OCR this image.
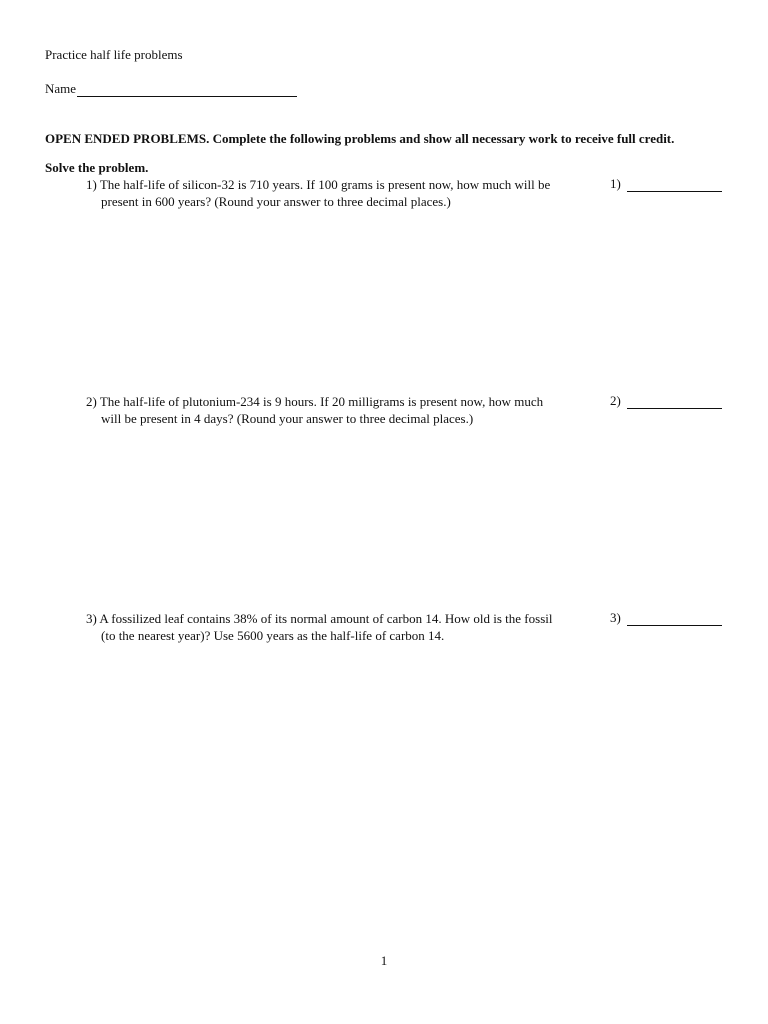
Practice half life problems
Name
OPEN ENDED PROBLEMS. Complete the following problems and show all necessary work to receive full credit.
Solve the problem.
1) The half-life of silicon-32 is 710 years. If 100 grams is present now, how much will be
present in 600 years? (Round your answer to three decimal places.)
1)
2) The half-life of plutonium-234 is 9 hours. If 20 milligrams is present now, how much
will be present in 4 days? (Round your answer to three decimal places.)
2)
3) A fossilized leaf contains 38% of its normal amount of carbon 14. How old is the fossil
(to the nearest year)? Use 5600 years as the half-life of carbon 14.
3)
1
